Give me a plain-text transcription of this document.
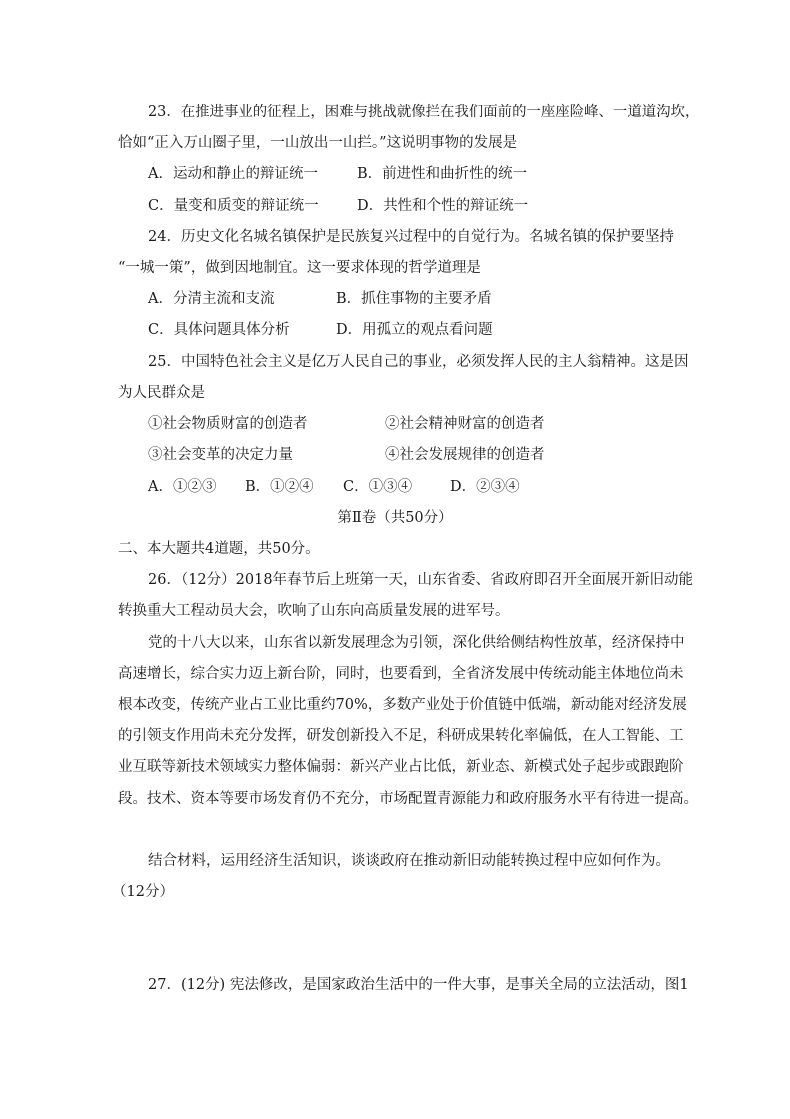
23．在推进事业的征程上，困难与挑战就像拦在我们面前的一座座险峰、一道道沟坎，
恰如“正入万山圈子里，一山放出一山拦。”这说明事物的发展是
A．运动和静止的辩证统一	B．前进性和曲折性的统一
C．量变和质变的辩证统一	D．共性和个性的辩证统一
24．历史文化名城名镇保护是民族复兴过程中的自觉行为。名城名镇的保护要坚持
“一城一策”，做到因地制宜。这一要求体现的哲学道理是
A．分清主流和支流	B．抓住事物的主要矛盾
C．具体问题具体分析	D．用孤立的观点看问题
25．中国特色社会主义是亿万人民自己的事业，必须发挥人民的主人翁精神。这是因
为人民群众是
①社会物质财富的创造者	②社会精神财富的创造者
③社会变革的决定力量	④社会发展规律的创造者
A．①②③ B．①②④ C．①③④	D．②③④
第Ⅱ卷（共50分）
二、本大题共4道题，共50分。
26．（12分）2018年春节后上班第一天，山东省委、省政府即召开全面展开新旧动能
转换重大工程动员大会，吹响了山东向高质量发展的进军号。
党的十八大以来，山东省以新发展理念为引领，深化供给侧结构性放革，经济保持中
高速增长，综合实力迈上新台阶，同时，也要看到，全省济发展中传统动能主体地位尚未
根本改变，传统产业占工业比重约70%，多数产业处于价值链中低端，新动能对经济发展
的引领支作用尚未充分发挥，研发创新投入不足，科研成果转化率偏低，在人工智能、工
业互联等新技术领域实力整体偏弱：新兴产业占比低，新业态、新模式处子起步或跟跑阶
段。技术、资本等要市场发育仍不充分，市场配置青源能力和政府服务水平有待进一提高。
结合材料，运用经济生活知识，谈谈政府在推动新旧动能转换过程中应如何作为。
（12分）
27．(12分) 宪法修改，是国家政治生活中的一件大事，是事关全局的立法活动，图1
